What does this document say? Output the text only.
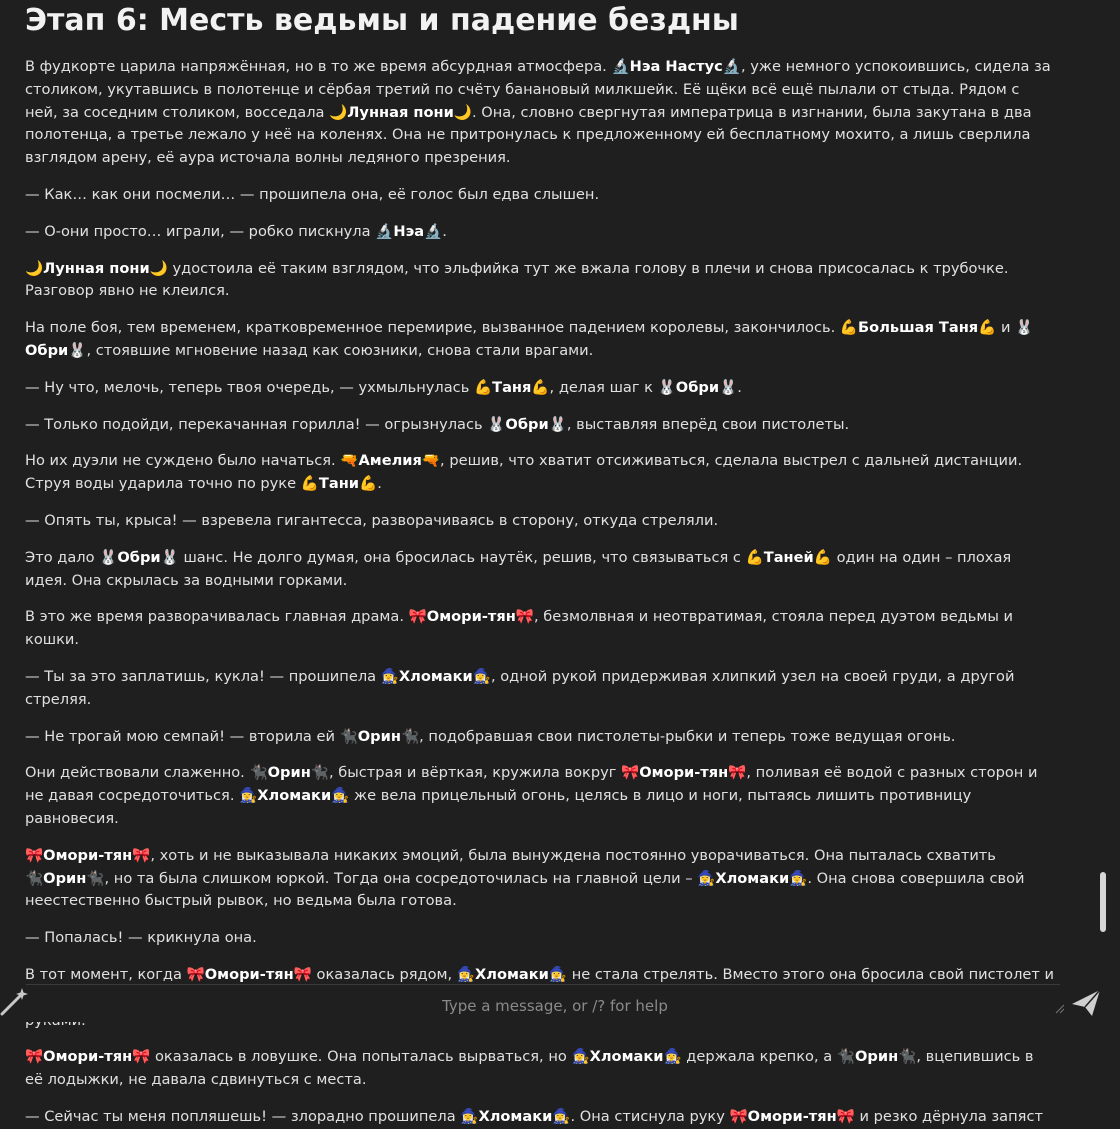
Этап 6: Месть ведьмы и падение бездны

В фудкорте царила напряжённая, но в то же время абсурдная атмосфера. 🔬Нэа Настус🔬, уже немного успокоившись, сидела за столиком, укутавшись в полотенце и сёрбая третий по счёту банановый милкшейк. Её щёки всё ещё пылали от стыда. Рядом с ней, за соседним столиком, восседала 🌙Лунная пони🌙. Она, словно свергнутая императрица в изгнании, была закутана в два полотенца, а третье лежало у неё на коленях. Она не притронулась к предложенному ей бесплатному мохито, а лишь сверлила взглядом арену, её аура источала волны ледяного презрения.

— Как… как они посмели… — прошипела она, её голос был едва слышен.

— О-они просто… играли, — робко пискнула 🔬Нэа🔬.

🌙Лунная пони🌙 удостоила её таким взглядом, что эльфийка тут же вжала голову в плечи и снова присосалась к трубочке. Разговор явно не клеился.

На поле боя, тем временем, кратковременное перемирие, вызванное падением королевы, закончилось. 💪Большая Таня💪 и 🐰Обри🐰, стоявшие мгновение назад как союзники, снова стали врагами.

— Ну что, мелочь, теперь твоя очередь, — ухмыльнулась 💪Таня💪, делая шаг к 🐰Обри🐰.

— Только подойди, перекачанная горилла! — огрызнулась 🐰Обри🐰, выставляя вперёд свои пистолеты.

Но их дуэли не суждено было начаться. 🔫Амелия🔫, решив, что хватит отсиживаться, сделала выстрел с дальней дистанции. Струя воды ударила точно по руке 💪Тани💪.

— Опять ты, крыса! — взревела гигантесса, разворачиваясь в сторону, откуда стреляли.

Это дало 🐰Обри🐰 шанс. Не долго думая, она бросилась наутёк, решив, что связываться с 💪Таней💪 один на один – плохая идея. Она скрылась за водными горками.

В это же время разворачивалась главная драма. 🎀Омори-тян🎀, безмолвная и неотвратимая, стояла перед дуэтом ведьмы и кошки.

— Ты за это заплатишь, кукла! — прошипела 🧙‍♀️Хломаки🧙‍♀️, одной рукой придерживая хлипкий узел на своей груди, а другой стреляя.

— Не трогай мою семпай! — вторила ей 🐈‍⬛Орин🐈‍⬛, подобравшая свои пистолеты-рыбки и теперь тоже ведущая огонь.

Они действовали слаженно. 🐈‍⬛Орин🐈‍⬛, быстрая и вёрткая, кружила вокруг 🎀Омори-тян🎀, поливая её водой с разных сторон и не давая сосредоточиться. 🧙‍♀️Хломаки🧙‍♀️ же вела прицельный огонь, целясь в лицо и ноги, пытаясь лишить противницу равновесия.

🎀Омори-тян🎀, хоть и не выказывала никаких эмоций, была вынуждена постоянно уворачиваться. Она пыталась схватить 🐈‍⬛Орин🐈‍⬛, но та была слишком юркой. Тогда она сосредоточилась на главной цели – 🧙‍♀️Хломаки🧙‍♀️. Она снова совершила свой неестественно быстрый рывок, но ведьма была готова.

— Попалась! — крикнула она.

В тот момент, когда 🎀Омори-тян🎀 оказалась рядом, 🧙‍♀️Хломаки🧙‍♀️ не стала стрелять. Вместо этого она бросила свой пистолет и

🎀Омори-тян🎀 оказалась в ловушке. Она попыталась вырваться, но 🧙‍♀️Хломаки🧙‍♀️ держала крепко, а 🐈‍⬛Орин🐈‍⬛, вцепившись в её лодыжки, не давала сдвинуться с места.

— Сейчас ты меня попляшешь! — злорадно прошипела 🧙‍♀️Хломаки🧙‍♀️. Она стиснула руку 🎀Омори-тян🎀 и резко дёрнула запяст

Type a message, or /? for help
